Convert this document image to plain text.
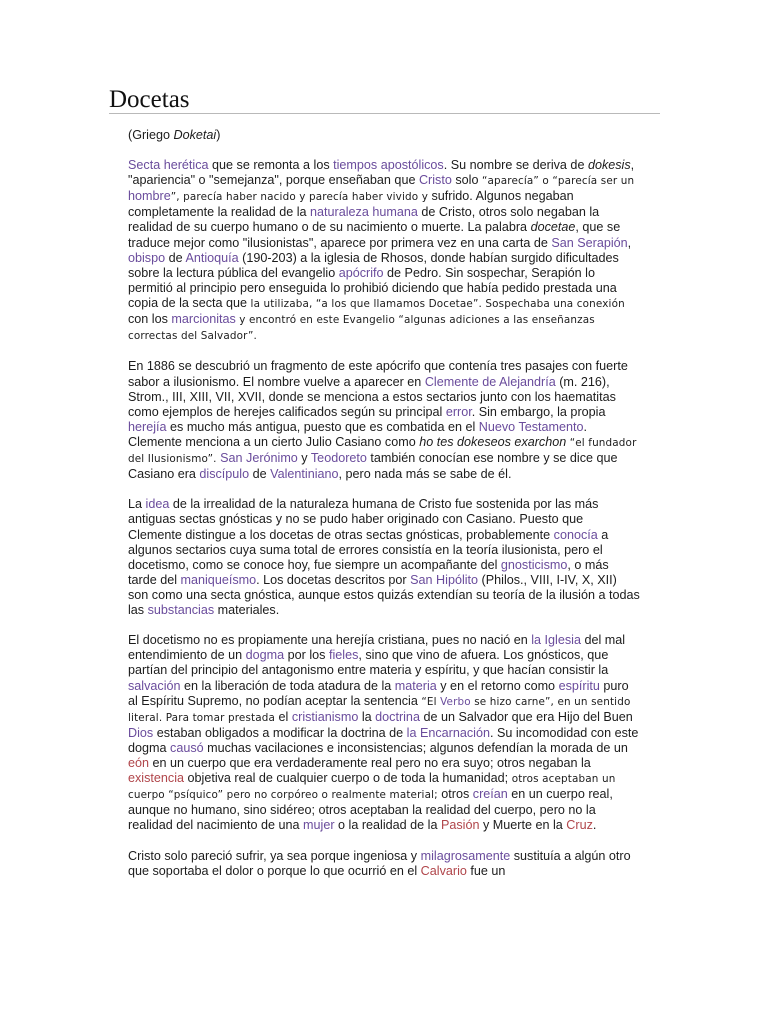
Docetas

(Griego Doketai)

Secta herética que se remonta a los tiempos apostólicos. Su nombre se deriva de dokesis, "apariencia" o "semejanza", porque enseñaban que Cristo solo “aparecía” o “parecía ser un hombre”, parecía haber nacido y parecía haber vivido y sufrido. Algunos negaban completamente la realidad de la naturaleza humana de Cristo, otros solo negaban la realidad de su cuerpo humano o de su nacimiento o muerte. La palabra docetae, que se traduce mejor como "ilusionistas", aparece por primera vez en una carta de San Serapión, obispo de Antioquía (190-203) a la iglesia de Rhosos, donde habían surgido dificultades sobre la lectura pública del evangelio apócrifo de Pedro. Sin sospechar, Serapión lo permitió al principio pero enseguida lo prohibió diciendo que había pedido prestada una copia de la secta que la utilizaba, “a los que llamamos Docetae”. Sospechaba una conexión con los marcionitas y encontró en este Evangelio “algunas adiciones a las enseñanzas correctas del Salvador”.

En 1886 se descubrió un fragmento de este apócrifo que contenía tres pasajes con fuerte sabor a ilusionismo. El nombre vuelve a aparecer en Clemente de Alejandría (m. 216), Strom., III, XIII, VII, XVII, donde se menciona a estos sectarios junto con los haematitas como ejemplos de herejes calificados según su principal error. Sin embargo, la propia herejía es mucho más antigua, puesto que es combatida en el Nuevo Testamento. Clemente menciona a un cierto Julio Casiano como ho tes dokeseos exarchon “el fundador del Ilusionismo”. San Jerónimo y Teodoreto también conocían ese nombre y se dice que Casiano era discípulo de Valentiniano, pero nada más se sabe de él.

La idea de la irrealidad de la naturaleza humana de Cristo fue sostenida por las más antiguas sectas gnósticas y no se pudo haber originado con Casiano. Puesto que Clemente distingue a los docetas de otras sectas gnósticas, probablemente conocía a algunos sectarios cuya suma total de errores consistía en la teoría ilusionista, pero el docetismo, como se conoce hoy, fue siempre un acompañante del gnosticismo, o más tarde del maniqueísmo. Los docetas descritos por San Hipólito (Philos., VIII, I-IV, X, XII) son como una secta gnóstica, aunque estos quizás extendían su teoría de la ilusión a todas las substancias materiales.

El docetismo no es propiamente una herejía cristiana, pues no nació en la Iglesia del mal entendimiento de un dogma por los fieles, sino que vino de afuera. Los gnósticos, que partían del principio del antagonismo entre materia y espíritu, y que hacían consistir la salvación en la liberación de toda atadura de la materia y en el retorno como espíritu puro al Espíritu Supremo, no podían aceptar la sentencia “El Verbo se hizo carne”, en un sentido literal. Para tomar prestada el cristianismo la doctrina de un Salvador que era Hijo del Buen Dios estaban obligados a modificar la doctrina de la Encarnación. Su incomodidad con este dogma causó muchas vacilaciones e inconsistencias; algunos defendían la morada de un eón en un cuerpo que era verdaderamente real pero no era suyo; otros negaban la existencia objetiva real de cualquier cuerpo o de toda la humanidad; otros aceptaban un cuerpo “psíquico” pero no corpóreo o realmente material; otros creían en un cuerpo real, aunque no humano, sino sidéreo; otros aceptaban la realidad del cuerpo, pero no la realidad del nacimiento de una mujer o la realidad de la Pasión y Muerte en la Cruz.

Cristo solo pareció sufrir, ya sea porque ingeniosa y milagrosamente sustituía a algún otro que soportaba el dolor o porque lo que ocurrió en el Calvario fue un
